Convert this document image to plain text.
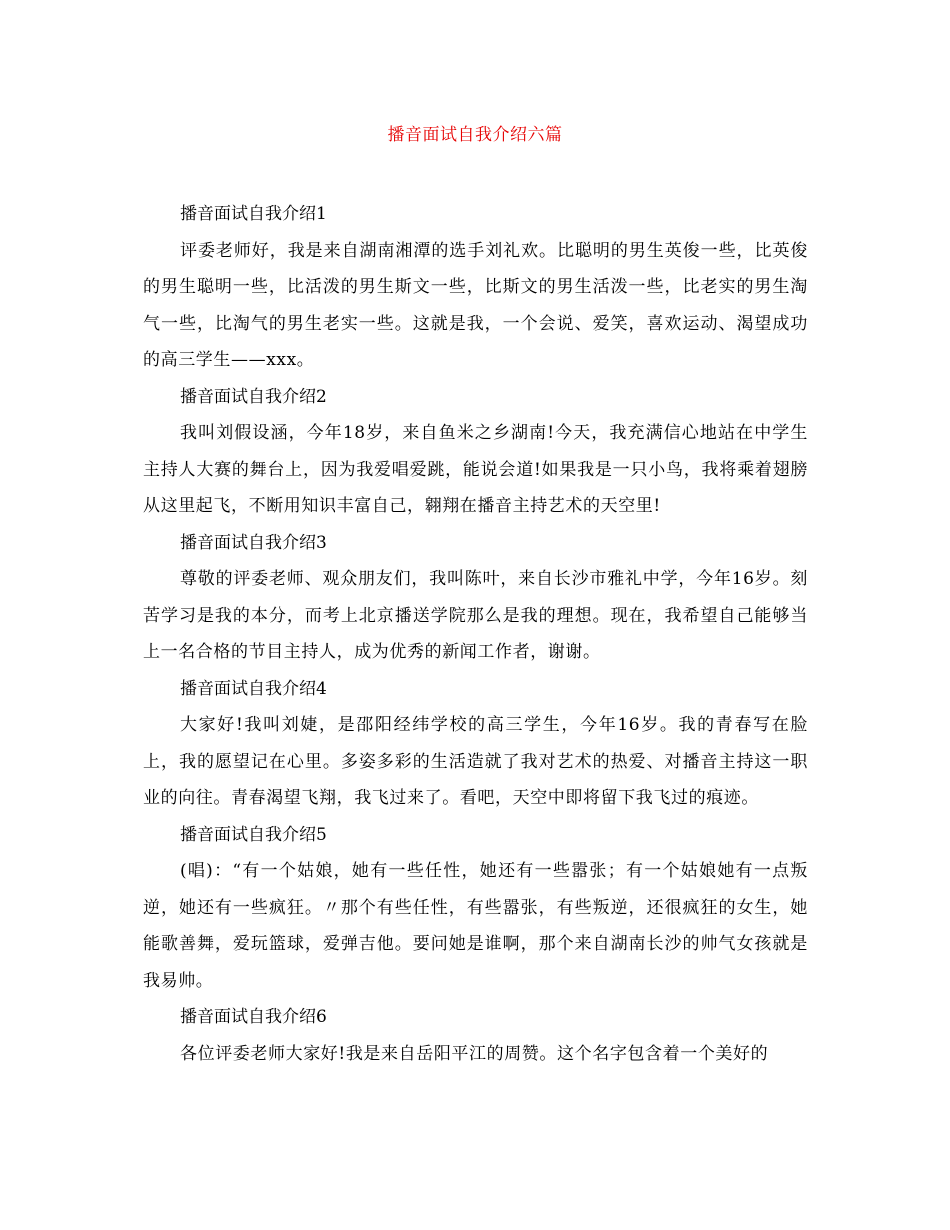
播音面试自我介绍六篇

播音面试自我介绍1

评委老师好，我是来自湖南湘潭的选手刘礼欢。比聪明的男生英俊一些，比英俊的男生聪明一些，比活泼的男生斯文一些，比斯文的男生活泼一些，比老实的男生淘气一些，比淘气的男生老实一些。这就是我，一个会说、爱笑，喜欢运动、渴望成功的高三学生——xxx。

播音面试自我介绍2

我叫刘假设涵，今年18岁，来自鱼米之乡湖南!今天，我充满信心地站在中学生主持人大赛的舞台上，因为我爱唱爱跳，能说会道!如果我是一只小鸟，我将乘着翅膀从这里起飞，不断用知识丰富自己，翱翔在播音主持艺术的天空里!

播音面试自我介绍3

尊敬的评委老师、观众朋友们，我叫陈叶，来自长沙市雅礼中学，今年16岁。刻苦学习是我的本分，而考上北京播送学院那么是我的理想。现在，我希望自己能够当上一名合格的节目主持人，成为优秀的新闻工作者，谢谢。

播音面试自我介绍4

大家好!我叫刘婕，是邵阳经纬学校的高三学生，今年16岁。我的青春写在脸上，我的愿望记在心里。多姿多彩的生活造就了我对艺术的热爱、对播音主持这一职业的向往。青春渴望飞翔，我飞过来了。看吧，天空中即将留下我飞过的痕迹。

播音面试自我介绍5

(唱)：“有一个姑娘，她有一些任性，她还有一些嚣张；有一个姑娘她有一点叛逆，她还有一些疯狂。〃那个有些任性，有些嚣张，有些叛逆，还很疯狂的女生，她能歌善舞，爱玩篮球，爱弹吉他。要问她是谁啊，那个来自湖南长沙的帅气女孩就是我易帅。

播音面试自我介绍6

各位评委老师大家好!我是来自岳阳平江的周赞。这个名字包含着一个美好的
